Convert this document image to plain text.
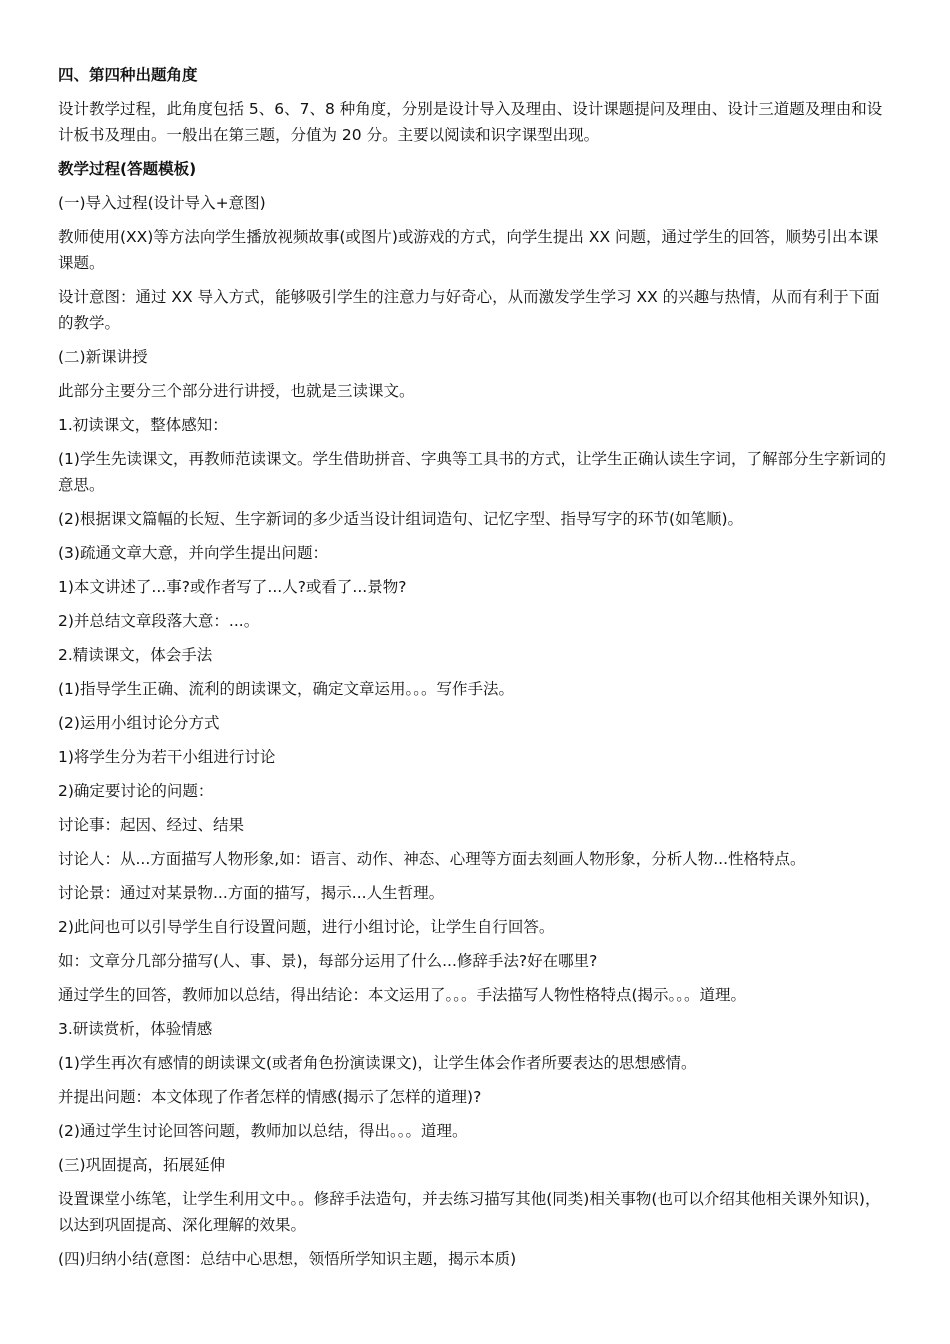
四、第四种出题角度

设计教学过程，此角度包括 5、6、7、8 种角度，分别是设计导入及理由、设计课题提问及理由、设计三道题及理由和设计板书及理由。一般出在第三题，分值为 20 分。主要以阅读和识字课型出现。

教学过程(答题模板)

(一)导入过程(设计导入+意图)

教师使用(XX)等方法向学生播放视频故事(或图片)或游戏的方式，向学生提出 XX 问题，通过学生的回答，顺势引出本课课题。

设计意图：通过 XX 导入方式，能够吸引学生的注意力与好奇心，从而激发学生学习 XX 的兴趣与热情，从而有利于下面的教学。

(二)新课讲授

此部分主要分三个部分进行讲授，也就是三读课文。

1.初读课文，整体感知：

(1)学生先读课文，再教师范读课文。学生借助拼音、字典等工具书的方式，让学生正确认读生字词，了解部分生字新词的意思。

(2)根据课文篇幅的长短、生字新词的多少适当设计组词造句、记忆字型、指导写字的环节(如笔顺)。

(3)疏通文章大意，并向学生提出问题：

1)本文讲述了...事?或作者写了...人?或看了...景物?

2)并总结文章段落大意：...。

2.精读课文，体会手法

(1)指导学生正确、流利的朗读课文，确定文章运用。。。写作手法。

(2)运用小组讨论分方式

1)将学生分为若干小组进行讨论

2)确定要讨论的问题：

讨论事：起因、经过、结果

讨论人：从...方面描写人物形象,如：语言、动作、神态、心理等方面去刻画人物形象，分析人物...性格特点。

讨论景：通过对某景物...方面的描写，揭示...人生哲理。

2)此问也可以引导学生自行设置问题，进行小组讨论，让学生自行回答。

如：文章分几部分描写(人、事、景)，每部分运用了什么...修辞手法?好在哪里?

通过学生的回答，教师加以总结，得出结论：本文运用了。。。手法描写人物性格特点(揭示。。。道理。

3.研读赏析，体验情感

(1)学生再次有感情的朗读课文(或者角色扮演读课文)，让学生体会作者所要表达的思想感情。

并提出问题：本文体现了作者怎样的情感(揭示了怎样的道理)?

(2)通过学生讨论回答问题，教师加以总结，得出。。。道理。

(三)巩固提高，拓展延伸

设置课堂小练笔，让学生利用文中。。修辞手法造句，并去练习描写其他(同类)相关事物(也可以介绍其他相关课外知识)，以达到巩固提高、深化理解的效果。

(四)归纳小结(意图：总结中心思想，领悟所学知识主题，揭示本质)
